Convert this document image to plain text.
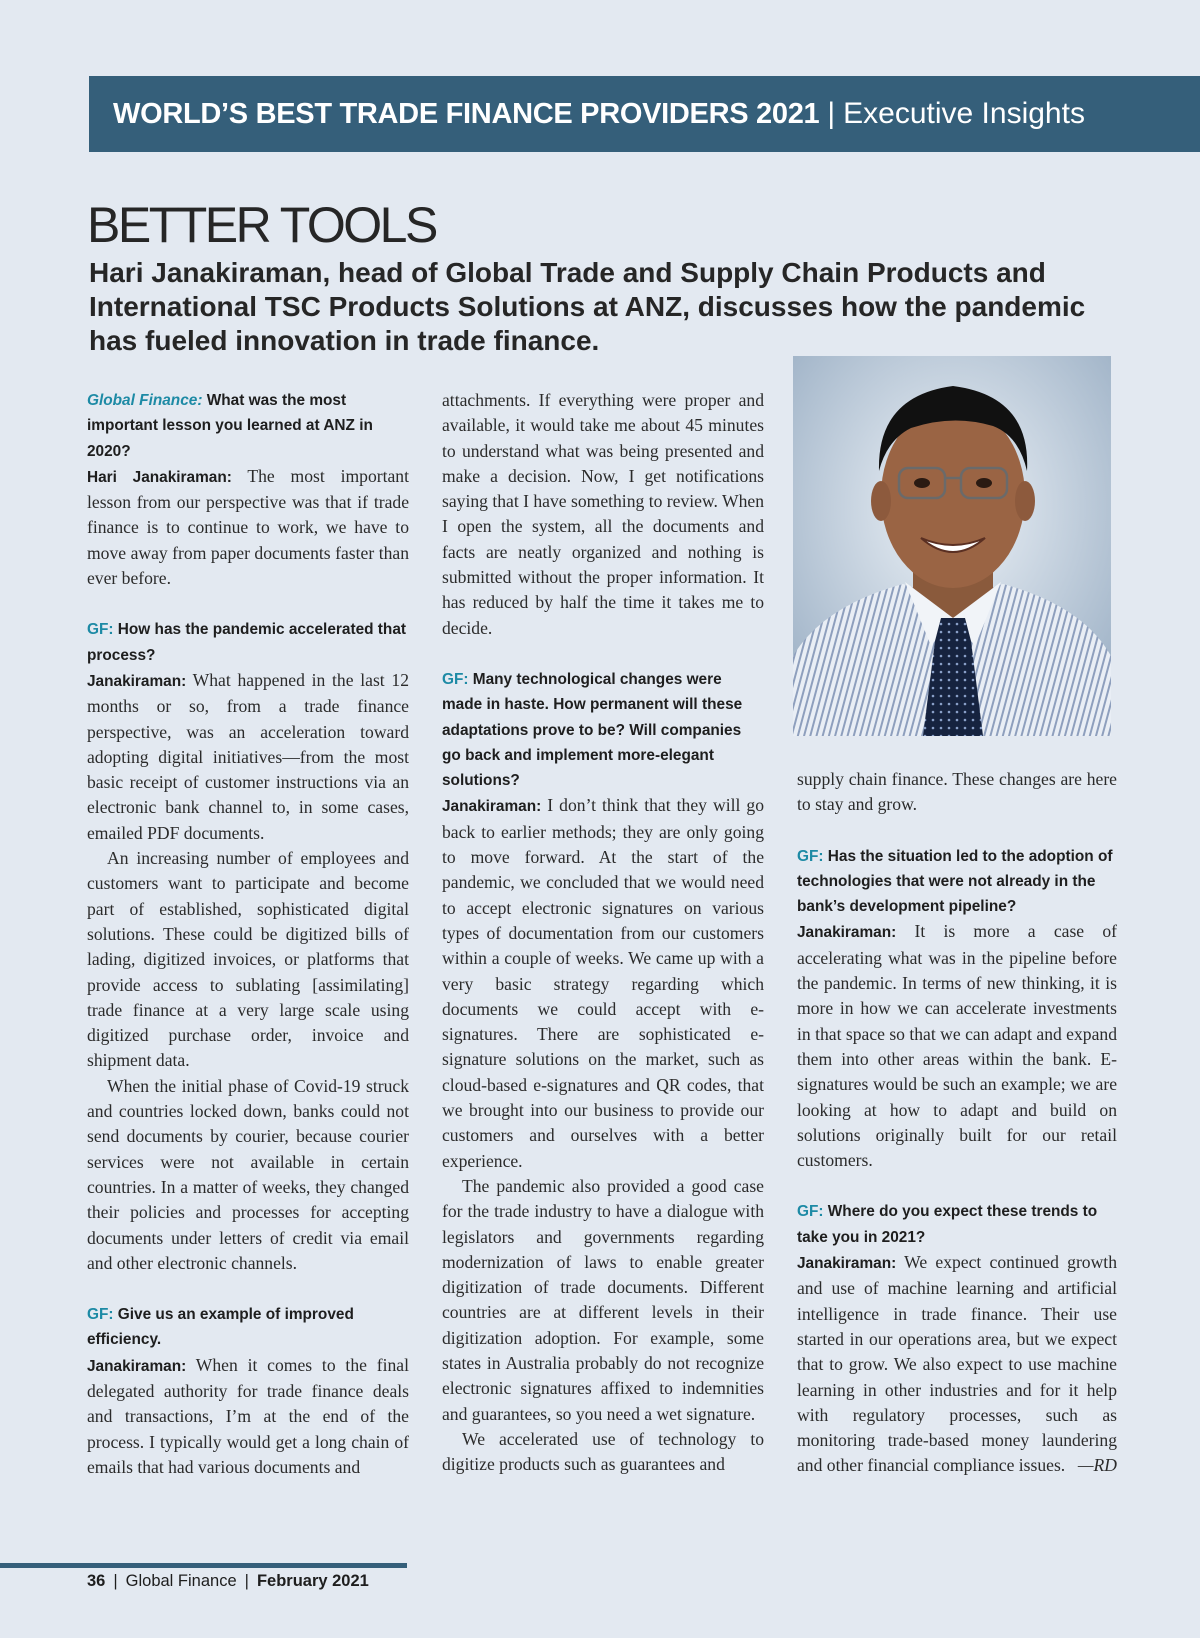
WORLD’S BEST TRADE FINANCE PROVIDERS 2021 | Executive Insights
BETTER TOOLS
Hari Janakiraman, head of Global Trade and Supply Chain Products and International TSC Products Solutions at ANZ, discusses how the pandemic has fueled innovation in trade finance.

Global Finance: What was the most important lesson you learned at ANZ in 2020?

Hari Janakiraman: The most important lesson from our perspective was that if trade finance is to continue to work, we have to move away from paper documents faster than ever before.

GF: How has the pandemic accelerated that process?

Janakiraman: What happened in the last 12 months or so, from a trade finance perspective, was an acceleration toward adopting digital initiatives—from the most basic receipt of customer instructions via an electronic bank channel to, in some cases, emailed PDF documents.

An increasing number of employees and customers want to participate and become part of established, sophisticated digital solutions. These could be digitized bills of lading, digitized invoices, or platforms that provide access to sublating [assimilating] trade finance at a very large scale using digitized purchase order, invoice and shipment data.

When the initial phase of Covid-19 struck and countries locked down, banks could not send documents by courier, because courier services were not available in certain countries. In a matter of weeks, they changed their policies and processes for accepting documents under letters of credit via email and other electronic channels.

GF: Give us an example of improved efficiency.

Janakiraman: When it comes to the final delegated authority for trade finance deals and transactions, I’m at the end of the process. I typically would get a long chain of emails that had various documents and

attachments. If everything were proper and available, it would take me about 45 minutes to understand what was being presented and make a decision. Now, I get notifications saying that I have something to review. When I open the system, all the documents and facts are neatly organized and nothing is submitted without the proper information. It has reduced by half the time it takes me to decide.

GF: Many technological changes were made in haste. How permanent will these adaptations prove to be? Will companies go back and implement more-elegant solutions?

Janakiraman: I don’t think that they will go back to earlier methods; they are only going to move forward. At the start of the pandemic, we concluded that we would need to accept electronic signatures on various types of documentation from our customers within a couple of weeks. We came up with a very basic strategy regarding which documents we could accept with e-signatures. There are sophisticated e-signature solutions on the market, such as cloud-based e-signatures and QR codes, that we brought into our business to provide our customers and ourselves with a better experience.

The pandemic also provided a good case for the trade industry to have a dialogue with legislators and governments regarding modernization of laws to enable greater digitization of trade documents. Different countries are at different levels in their digitization adoption. For example, some states in Australia probably do not recognize electronic signatures affixed to indemnities and guarantees, so you need a wet signature.

We accelerated use of technology to digitize products such as guarantees and

supply chain finance. These changes are here to stay and grow.

GF: Has the situation led to the adoption of technologies that were not already in the bank’s development pipeline?

Janakiraman: It is more a case of accelerating what was in the pipeline before the pandemic. In terms of new thinking, it is more in how we can accelerate investments in that space so that we can adapt and expand them into other areas within the bank. E-signatures would be such an example; we are looking at how to adapt and build on solutions originally built for our retail customers.

GF: Where do you expect these trends to take you in 2021?

Janakiraman: We expect continued growth and use of machine learning and artificial intelligence in trade finance. Their use started in our operations area, but we expect that to grow. We also expect to use machine learning in other industries and for it help with regulatory processes, such as monitoring trade-based money laundering and other financial compliance issues. —RD

36 | Global Finance | February 2021
